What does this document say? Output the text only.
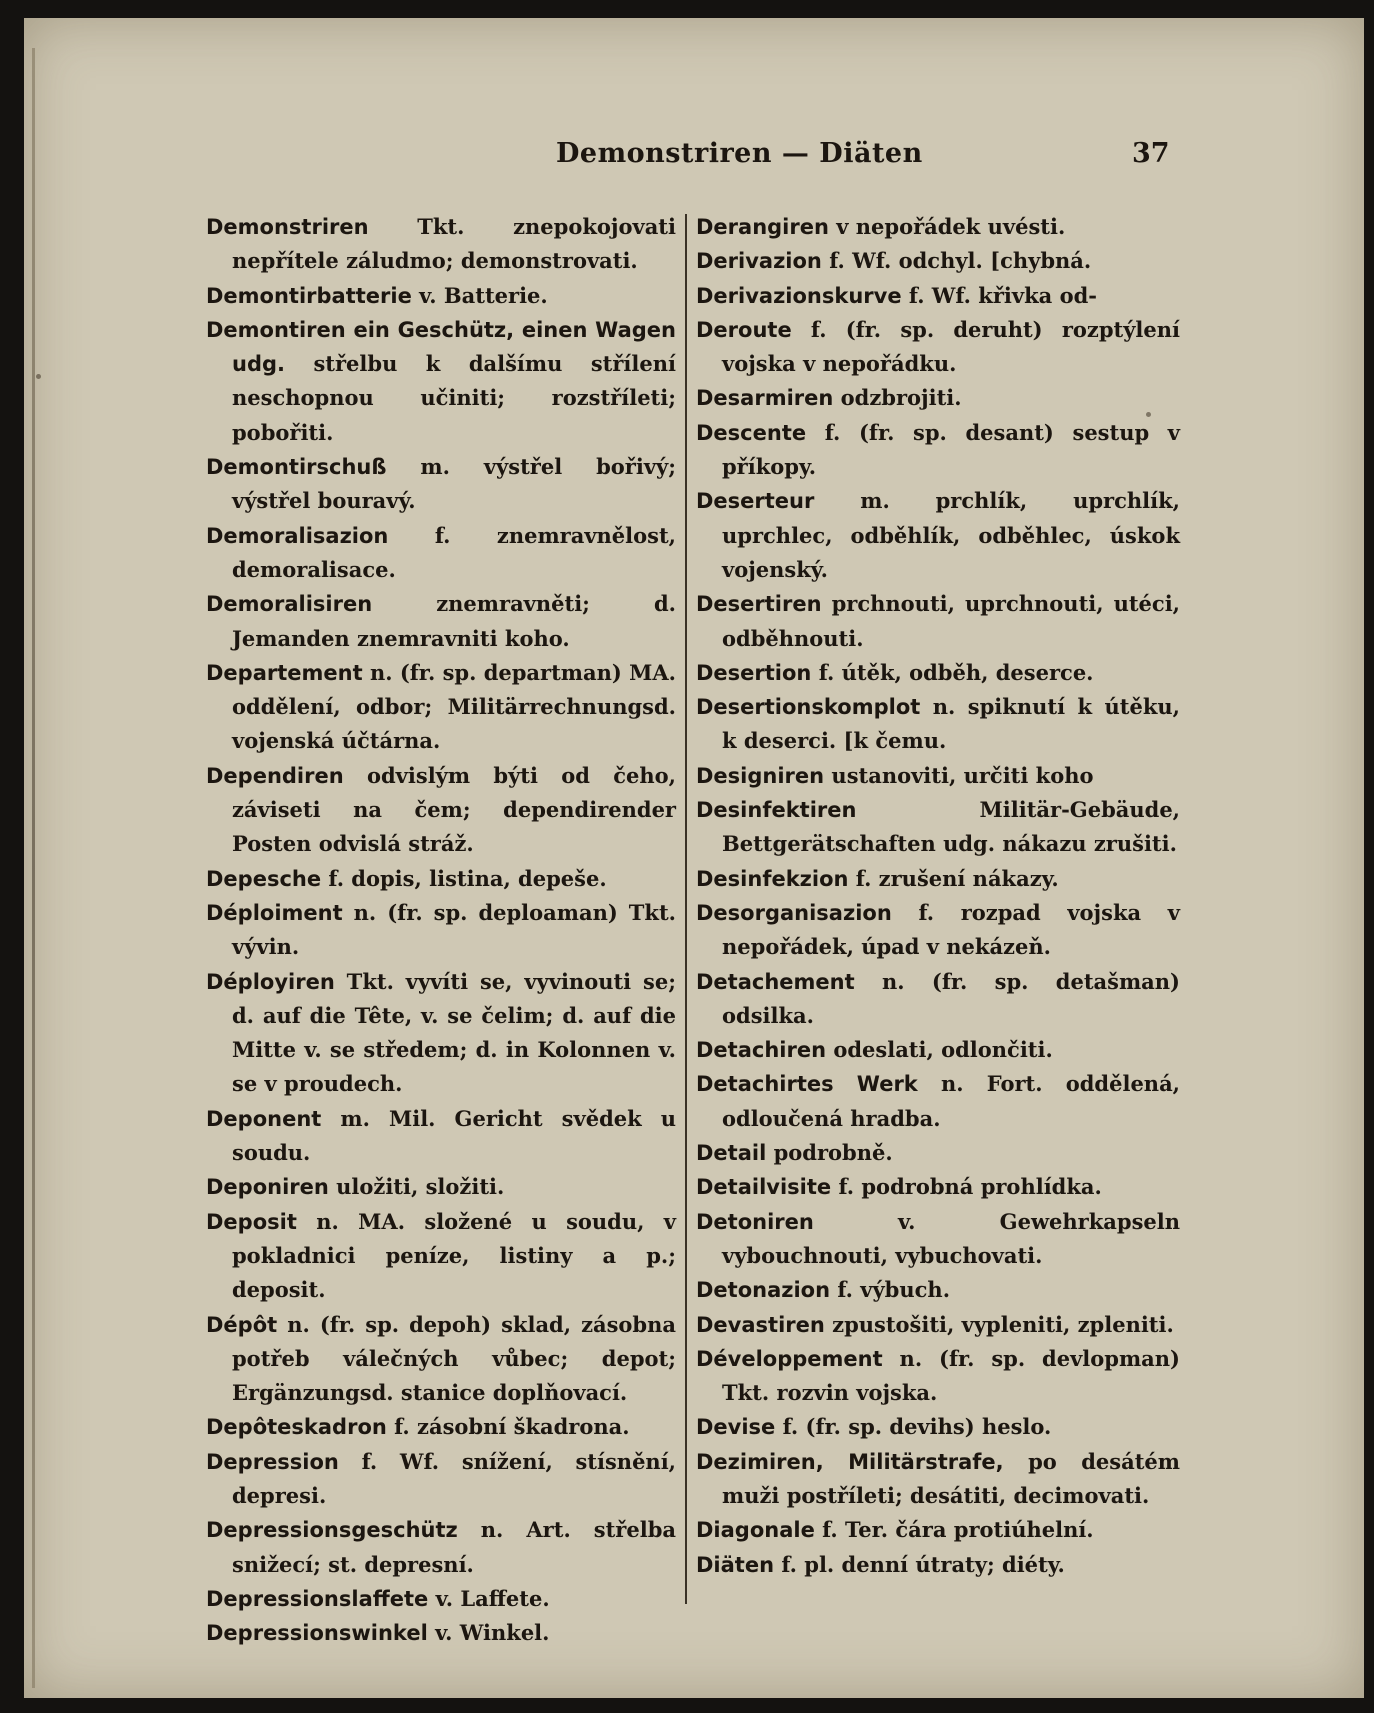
Demonstriren — Diäten	37

Demonstriren Tkt. znepokojovati nepřítele záludmo; demonstrovati.

Demontirbatterie v. Batterie.

Demontiren ein Geschütz, einen Wagen udg. střelbu k dalšímu střílení neschopnou učiniti; rozstříleti; pobořiti.

Demontirschuß m. výstřel bořivý; výstřel bouravý.

Demoralisazion f. znemravnělost, demoralisace.

Demoralisiren znemravněti; d. Jemanden znemravniti koho.

Departement n. (fr. sp. departman) MA. oddělení, odbor; Militärrechnungsd. vojenská účtárna.

Dependiren odvislým býti od čeho, záviseti na čem; dependirender Posten odvislá stráž.

Depesche f. dopis, listina, depeše.

Déploiment n. (fr. sp. deploaman) Tkt. vývin.

Déployiren Tkt. vyvíti se, vyvinouti se; d. auf die Tête, v. se čelim; d. auf die Mitte v. se středem; d. in Kolonnen v. se v proudech.

Deponent m. Mil. Gericht svědek u soudu.

Deponiren uložiti, složiti.

Deposit n. MA. složené u soudu, v pokladnici peníze, listiny a p.; deposit.

Dépôt n. (fr. sp. depoh) sklad, zásobna potřeb válečných vůbec; depot; Ergänzungsd. stanice doplňovací.

Depôteskadron f. zásobní škadrona.

Depression f. Wf. snížení, stísnění, depresi.

Depressionsgeschütz n. Art. střelba snižecí; st. depresní.

Depressionslaffete v. Laffete.

Depressionswinkel v. Winkel.

Derangiren v nepořádek uvésti.

Derivazion f. Wf. odchyl. [chybná.

Derivazionskurve f. Wf. křivka od-

Deroute f. (fr. sp. deruht) rozptýlení vojska v nepořádku.

Desarmiren odzbrojiti.

Descente f. (fr. sp. desant) sestup v příkopy.

Deserteur m. prchlík, uprchlík, uprchlec, odběhlík, odběhlec, úskok vojenský.

Desertiren prchnouti, uprchnouti, utéci, odběhnouti.

Desertion f. útěk, odběh, deserce.

Desertionskomplot n. spiknutí k útěku, k deserci. [k čemu.

Designiren ustanoviti, určiti koho

Desinfektiren Militär-Gebäude, Bettgerätschaften udg. nákazu zrušiti.

Desinfekzion f. zrušení nákazy.

Desorganisazion f. rozpad vojska v nepořádek, úpad v nekázeň.

Detachement n. (fr. sp. detašman) odsilka.

Detachiren odeslati, odlončiti.

Detachirtes Werk n. Fort. oddělená, odloučená hradba.

Detail podrobně.

Detailvisite f. podrobná prohlídka.

Detoniren v. Gewehrkapseln vybouchnouti, vybuchovati.

Detonazion f. výbuch.

Devastiren zpustošiti, vypleniti, zpleniti.

Développement n. (fr. sp. devlopman) Tkt. rozvin vojska.

Devise f. (fr. sp. devihs) heslo.

Dezimiren, Militärstrafe, po desátém muži postříleti; desátiti, decimovati.

Diagonale f. Ter. čára protiúhelní.

Diäten f. pl. denní útraty; diéty.
